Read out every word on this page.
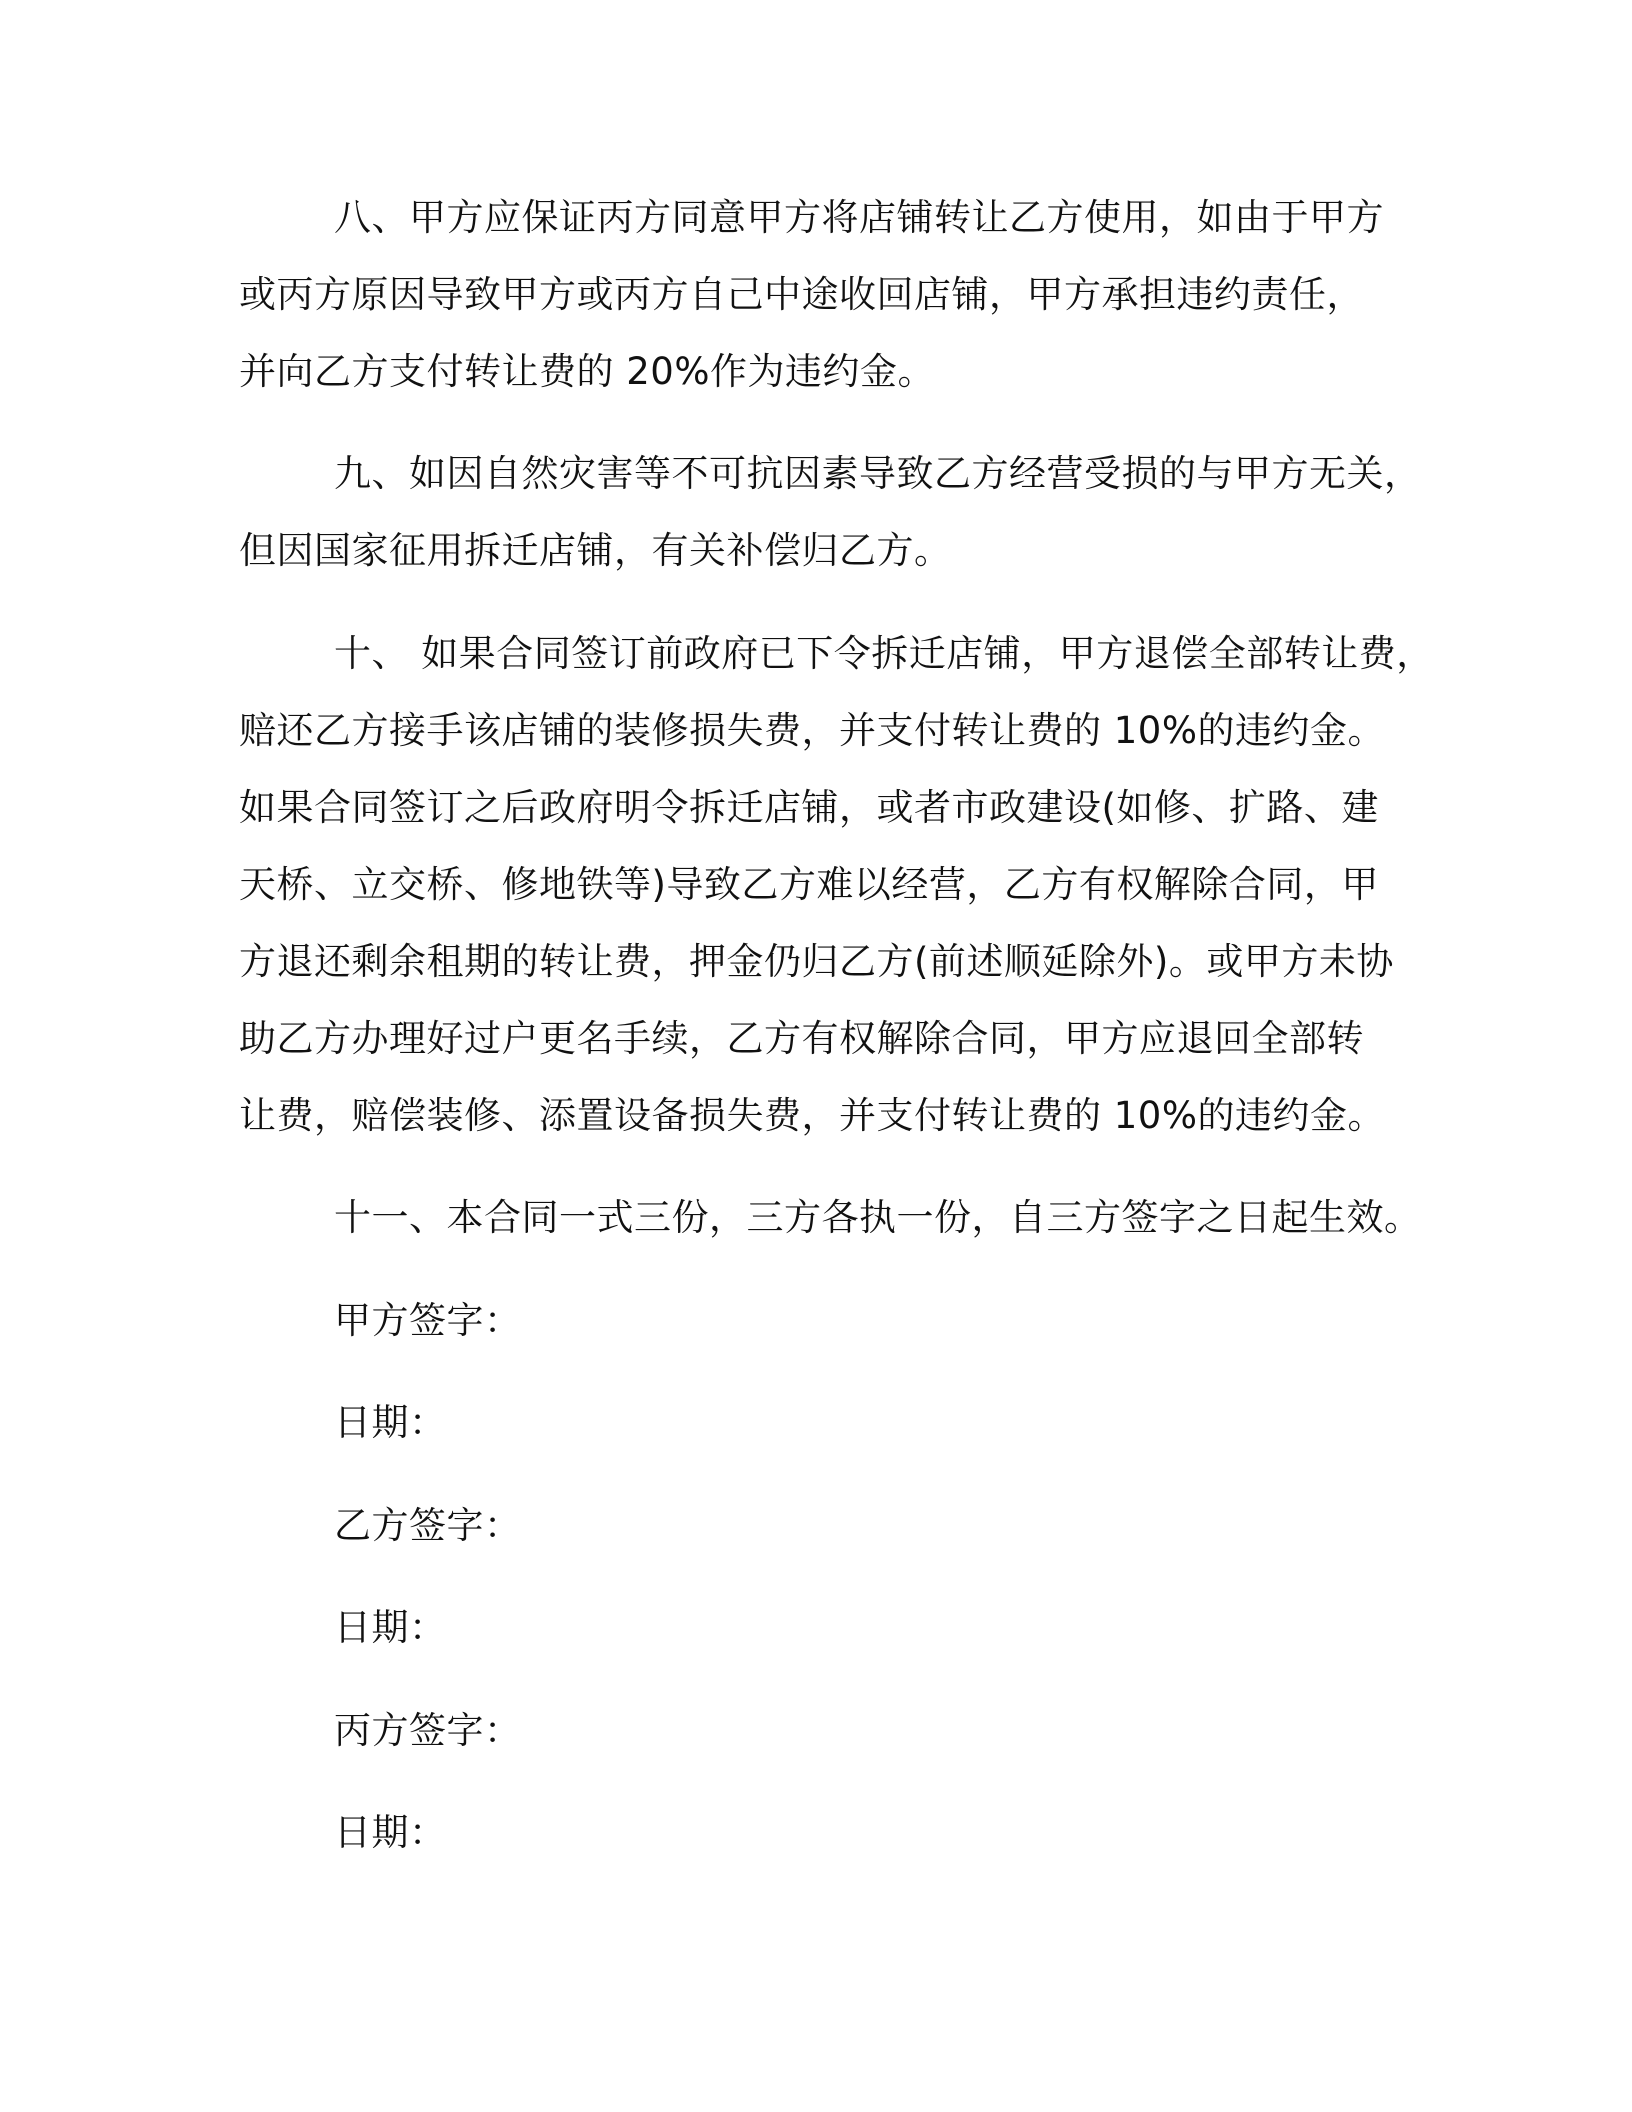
八、甲方应保证丙方同意甲方将店铺转让乙方使用，如由于甲方
或丙方原因导致甲方或丙方自己中途收回店铺，甲方承担违约责任，
并向乙方支付转让费的 20%作为违约金。
九、如因自然灾害等不可抗因素导致乙方经营受损的与甲方无关，
但因国家征用拆迁店铺，有关补偿归乙方。
十、 如果合同签订前政府已下令拆迁店铺，甲方退偿全部转让费，
赔还乙方接手该店铺的装修损失费，并支付转让费的 10%的违约金。
如果合同签订之后政府明令拆迁店铺，或者市政建设(如修、扩路、建
天桥、立交桥、修地铁等)导致乙方难以经营，乙方有权解除合同，甲
方退还剩余租期的转让费，押金仍归乙方(前述顺延除外)。或甲方未协
助乙方办理好过户更名手续，乙方有权解除合同，甲方应退回全部转
让费，赔偿装修、添置设备损失费，并支付转让费的 10%的违约金。
十一、本合同一式三份，三方各执一份，自三方签字之日起生效。
甲方签字：
日期：
乙方签字：
日期：
丙方签字：
日期：
